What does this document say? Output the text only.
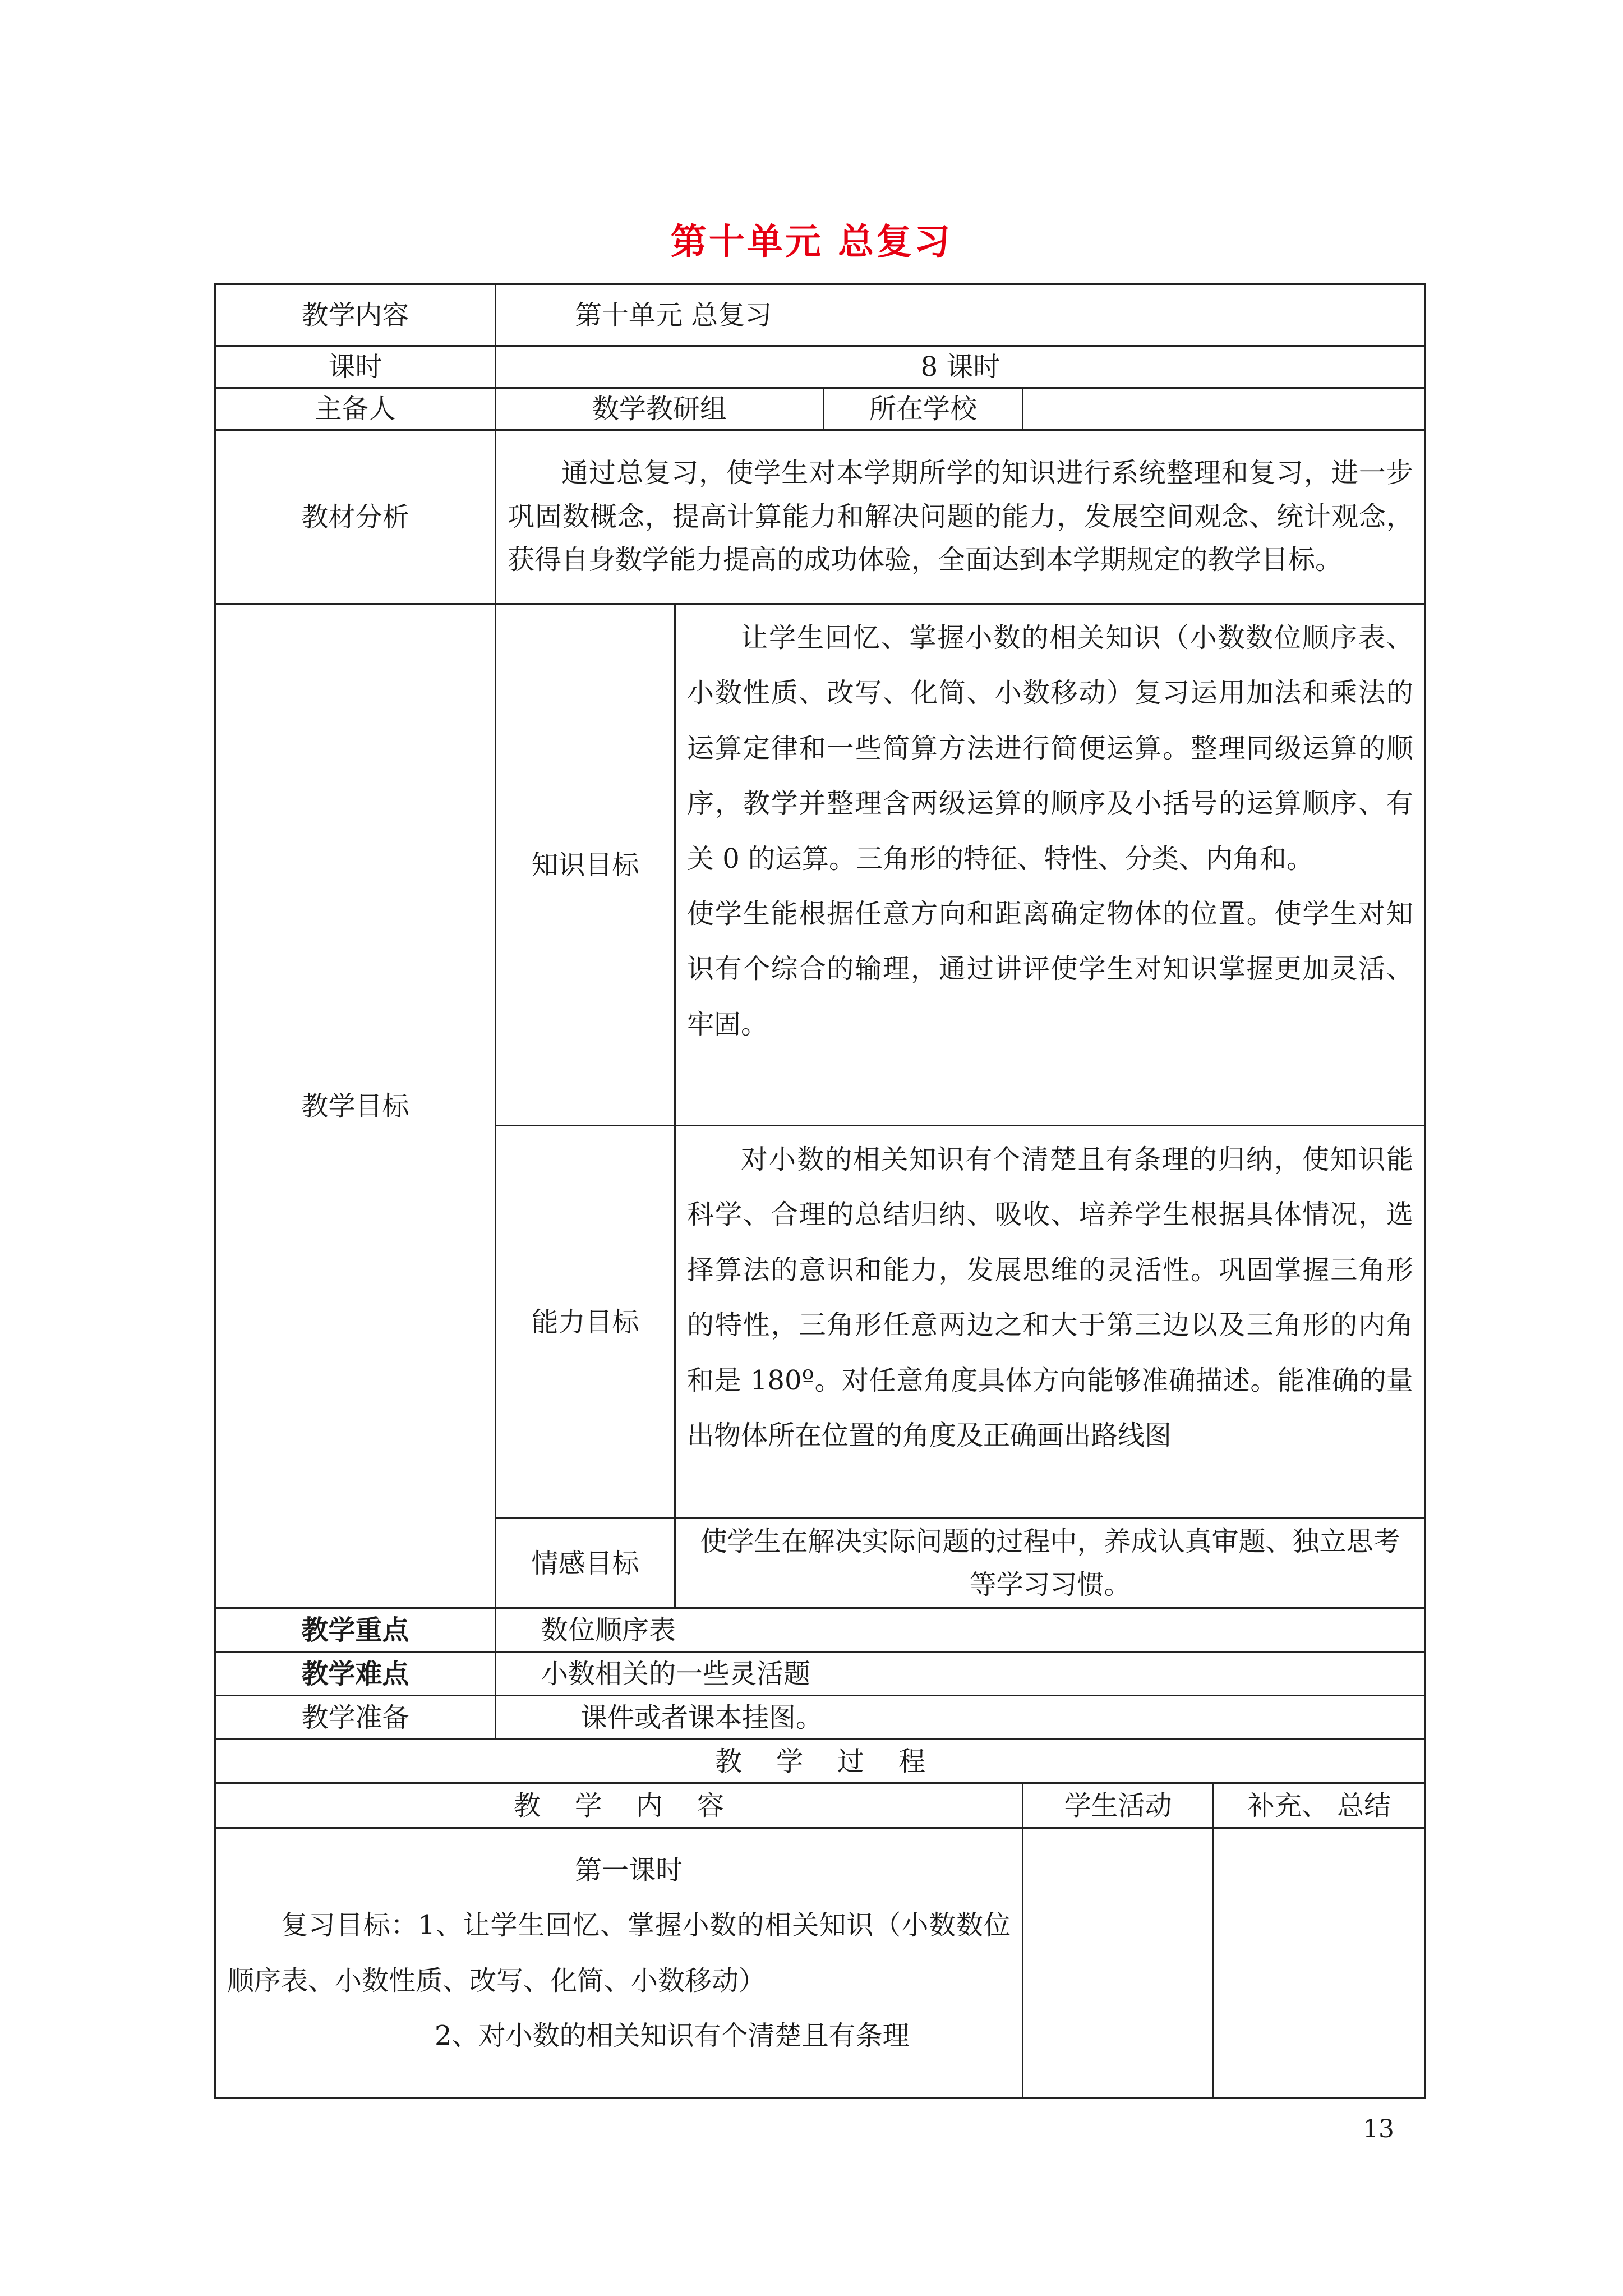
第十单元 总复习
教学内容	第十单元 总复习				
课时	8 课时				
主备人	数学教研组		所在学校		
教材分析	通过总复习，使学生对本学期所学的知识进行系统整理和复习，进一步巩固数概念，提高计算能力和解决问题的能力，发展空间观念、统计观念，获得自身数学能力提高的成功体验，全面达到本学期规定的教学目标。				
教学目标	知识目标	让学生回忆、掌握小数的相关知识（小数数位顺序表、小数性质、改写、化简、小数移动）复习运用加法和乘法的运算定律和一些简算方法进行简便运算。整理同级运算的顺序，教学并整理含两级运算的顺序及小括号的运算顺序、有关 0 的运算。三角形的特征、特性、分类、内角和。
使学生能根据任意方向和距离确定物体的位置。使学生对知识有个综合的输理，通过讲评使学生对知识掌握更加灵活、牢固。			

	能力目标	对小数的相关知识有个清楚且有条理的归纳，使知识能科学、合理的总结归纳、吸收、培养学生根据具体情况，选择算法的意识和能力，发展思维的灵活性。巩固掌握三角形的特性，三角形任意两边之和大于第三边以及三角形的内角和是 180º。对任意角度具体方向能够准确描述。能准确的量出物体所在位置的角度及正确画出路线图			

	情感目标	使学生在解决实际问题的过程中，养成认真审题、独立思考等学习习惯。			
教学重点	数位顺序表				
教学难点	小数相关的一些灵活题				
教学准备	课件或者课本挂图。				
教    学    过    程					
教    学    内    容				学生活动	补充、 总结

第一课时
复习目标：1、让学生回忆、掌握小数的相关知识（小数数位顺序表、小数性质、改写、化简、小数移动）
2、对小数的相关知识有个清楚且有条理					

13
